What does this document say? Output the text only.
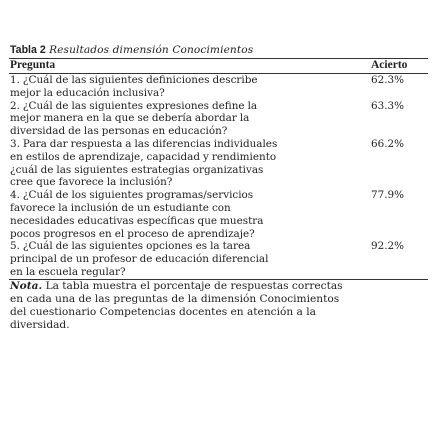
Tabla 2 Resultados dimensión Conocimientos
Pregunta	Acierto
1. ¿Cuál de las siguientes definiciones describe
mejor la educación inclusiva?
62.3%
2. ¿Cuál de las siguientes expresiones define la
mejor manera en la que se debería abordar la
diversidad de las personas en educación?
63.3%
3. Para dar respuesta a las diferencias individuales
en estilos de aprendizaje, capacidad y rendimiento
¿cuál de las siguientes estrategias organizativas
cree que favorece la inclusión?
66.2%
4. ¿Cuál de los siguientes programas/servicios
favorece la inclusión de un estudiante con
necesidades educativas específicas que muestra
pocos progresos en el proceso de aprendizaje?
77.9%
5. ¿Cuál de las siguientes opciones es la tarea
principal de un profesor de educación diferencial
en la escuela regular?
92.2%
Nota. La tabla muestra el porcentaje de respuestas correctas
en cada una de las preguntas de la dimensión Conocimientos
del cuestionario Competencias docentes en atención a la
diversidad.
